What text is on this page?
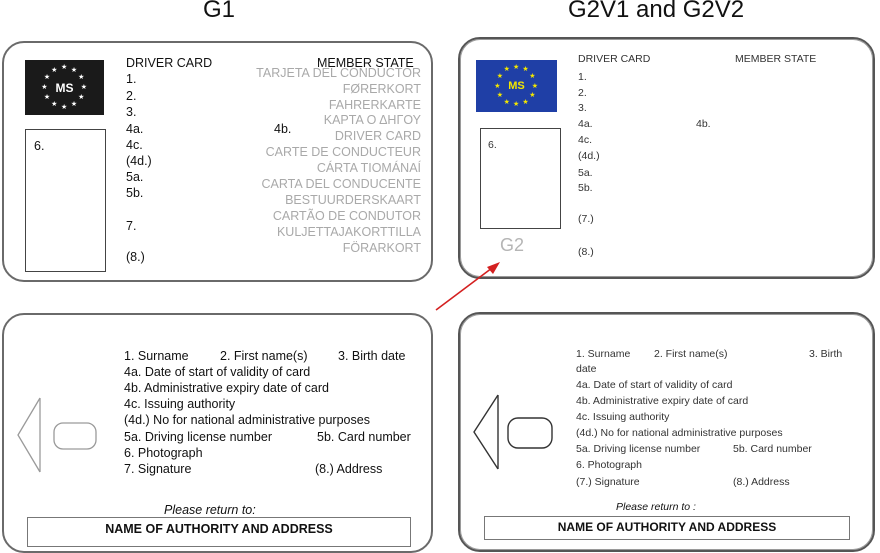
G1	G2V1 and G2V2
MS
★ ★
★
★
★
★
★
★
★
★
★
★
6.
DRIVER CARD	MEMBER STATE
1.
2.
3.
4a.	4b.
4c.
(4d.)
5a.
5b.
7.
(8.)
TARJETA DEL CONDUCTOR
FØRERKORT
FAHRERKARTE
ΚΑΡΤΑ Ο ΔΗΓΟΥ
DRIVER CARD
CARTE DE CONDUCTEUR
CÁRTA TIOMÁNAÍ
CARTA DEL CONDUCENTE
BESTUURDERSKAART
CARTÃO DE CONDUTOR
KULJETTAJAKORTTILLA
FÖRARKORT
MS
★ ★
★
★
★
★
★
★
★
★
★
★
6.
G2
DRIVER CARD	MEMBER STATE
1.
2.
3.
4a.	4b.
4c.
(4d.)
5a.
5b.
(7.)
(8.)
1. Surname	2. First name(s) 3. Birth date
4a. Date of start of validity of card
4b. Administrative expiry date of card
4c. Issuing authority
(4d.) No for national administrative purposes
5a. Driving license number	5b. Card number
6. Photograph
7. Signature	(8.) Address
Please return to:
NAME OF AUTHORITY AND ADDRESS
1. Surname 2. First name(s)	3. Birth
date
4a. Date of start of validity of card
4b. Administrative expiry date of card
4c. Issuing authority
(4d.) No for national administrative purposes
5a. Driving license number	5b. Card number
6. Photograph
(7.) Signature	(8.) Address
Please return to :
NAME OF AUTHORITY AND ADDRESS
